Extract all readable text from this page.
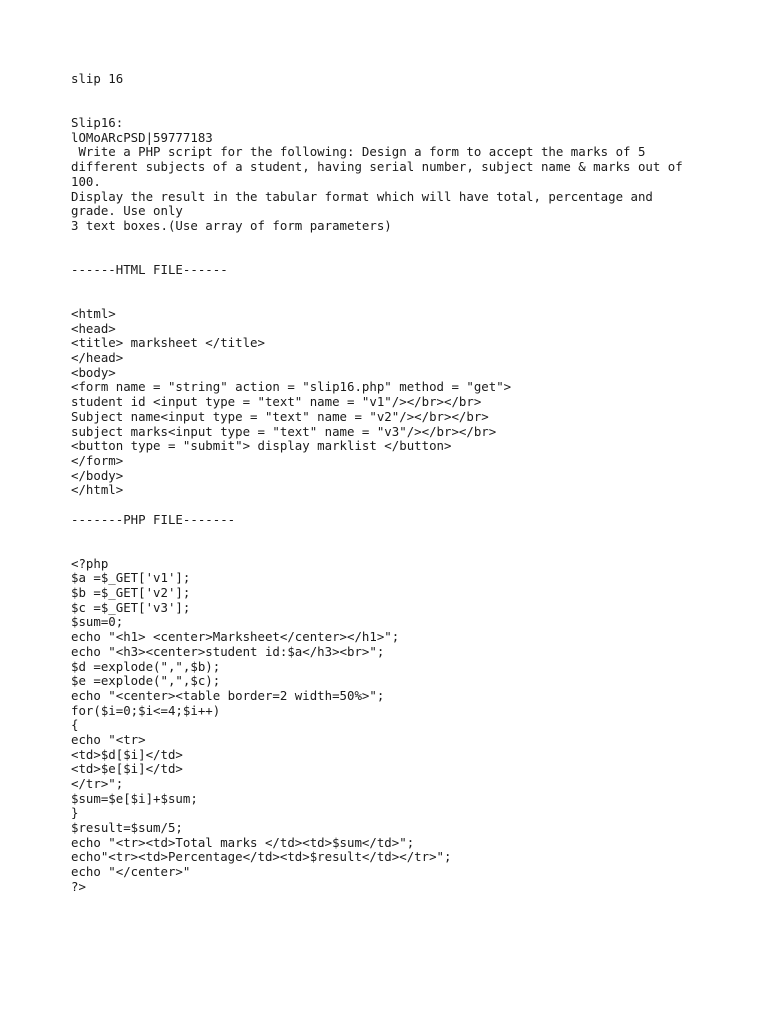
slip 16
Slip16:
lOMoARcPSD|59777183
Write a PHP script for the following: Design a form to accept the marks of 5
different subjects of a student, having serial number, subject name & marks out of
100.
Display the result in the tabular format which will have total, percentage and
grade. Use only
3 text boxes.(Use array of form parameters)
------HTML FILE------
<html>
<head>
<title> marksheet </title>
</head>
<body>
<form name = "string" action = "slip16.php" method = "get">
student id <input type = "text" name = "v1"/></br></br>
Subject name<input type = "text" name = "v2"/></br></br>
subject marks<input type = "text" name = "v3"/></br></br>
<button type = "submit"> display marklist </button>
</form>
</body>
</html>
-------PHP FILE-------
<?php
$a =$_GET['v1'];
$b =$_GET['v2'];
$c =$_GET['v3'];
$sum=0;
echo "<h1> <center>Marksheet</center></h1>";
echo "<h3><center>student id:$a</h3><br>";
$d =explode(",",$b);
$e =explode(",",$c);
echo "<center><table border=2 width=50%>";
for($i=0;$i<=4;$i++)
{
echo "<tr>
<td>$d[$i]</td>
<td>$e[$i]</td>
</tr>";
$sum=$e[$i]+$sum;
}
$result=$sum/5;
echo "<tr><td>Total marks </td><td>$sum</td>";
echo"<tr><td>Percentage</td><td>$result</td></tr>";
echo "</center>"
?>
